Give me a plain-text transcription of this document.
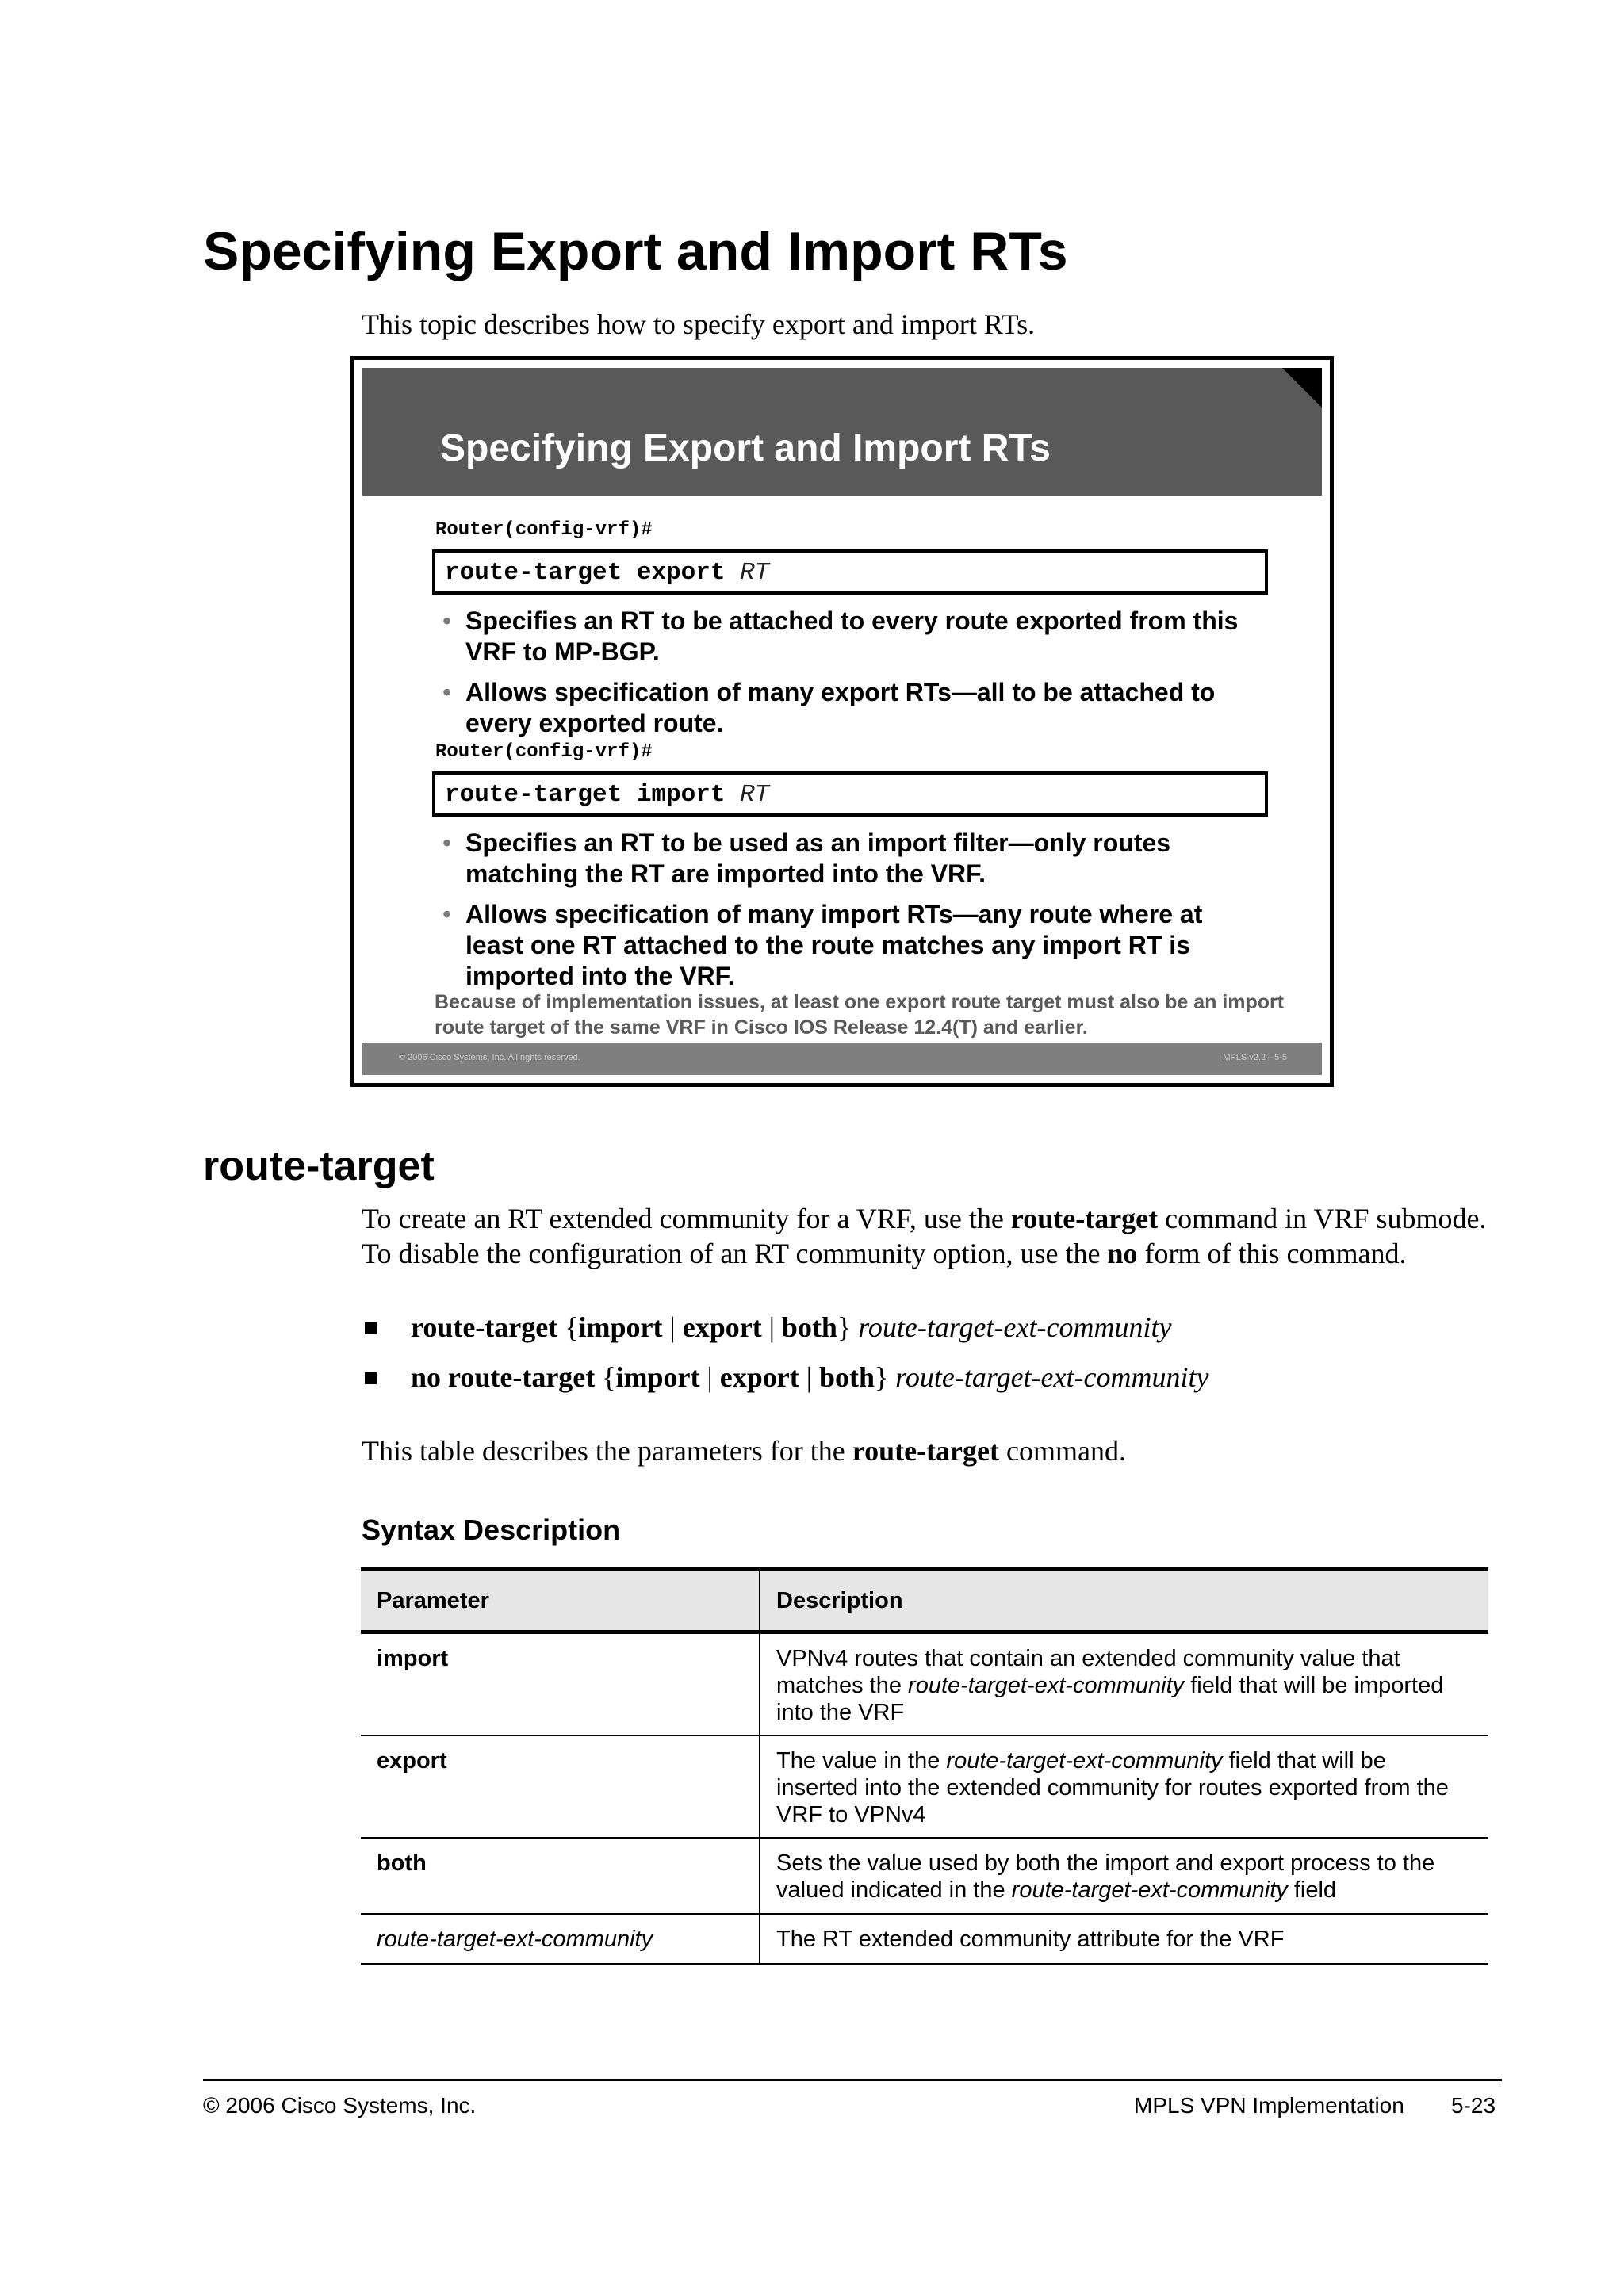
Specifying Export and Import RTs
This topic describes how to specify export and import RTs.
Specifying Export and Import RTs
Router(config-vrf)#
route-target export RT
• Specifies an RT to be attached to every route exported from this VRF to MP-BGP.
• Allows specification of many export RTs—all to be attached to every exported route.
Router(config-vrf)#
route-target import RT
• Specifies an RT to be used as an import filter—only routes matching the RT are imported into the VRF.
• Allows specification of many import RTs—any route where at least one RT attached to the route matches any import RT is imported into the VRF.
Because of implementation issues, at least one export route target must also be an import route target of the same VRF in Cisco IOS Release 12.4(T) and earlier.
© 2006 Cisco Systems, Inc. All rights reserved.	MPLS v2.2—5-5
route-target
To create an RT extended community for a VRF, use the route-target command in VRF submode. To disable the configuration of an RT community option, use the no form of this command.
route-target {import | export | both} route-target-ext-community
no route-target {import | export | both} route-target-ext-community
This table describes the parameters for the route-target command.
Syntax Description
Parameter	Description
import	VPNv4 routes that contain an extended community value that matches the route-target-ext-community field that will be imported into the VRF
export	The value in the route-target-ext-community field that will be inserted into the extended community for routes exported from the VRF to VPNv4
both	Sets the value used by both the import and export process to the valued indicated in the route-target-ext-community field
route-target-ext-community	The RT extended community attribute for the VRF
© 2006 Cisco Systems, Inc.	MPLS VPN Implementation 5-23
